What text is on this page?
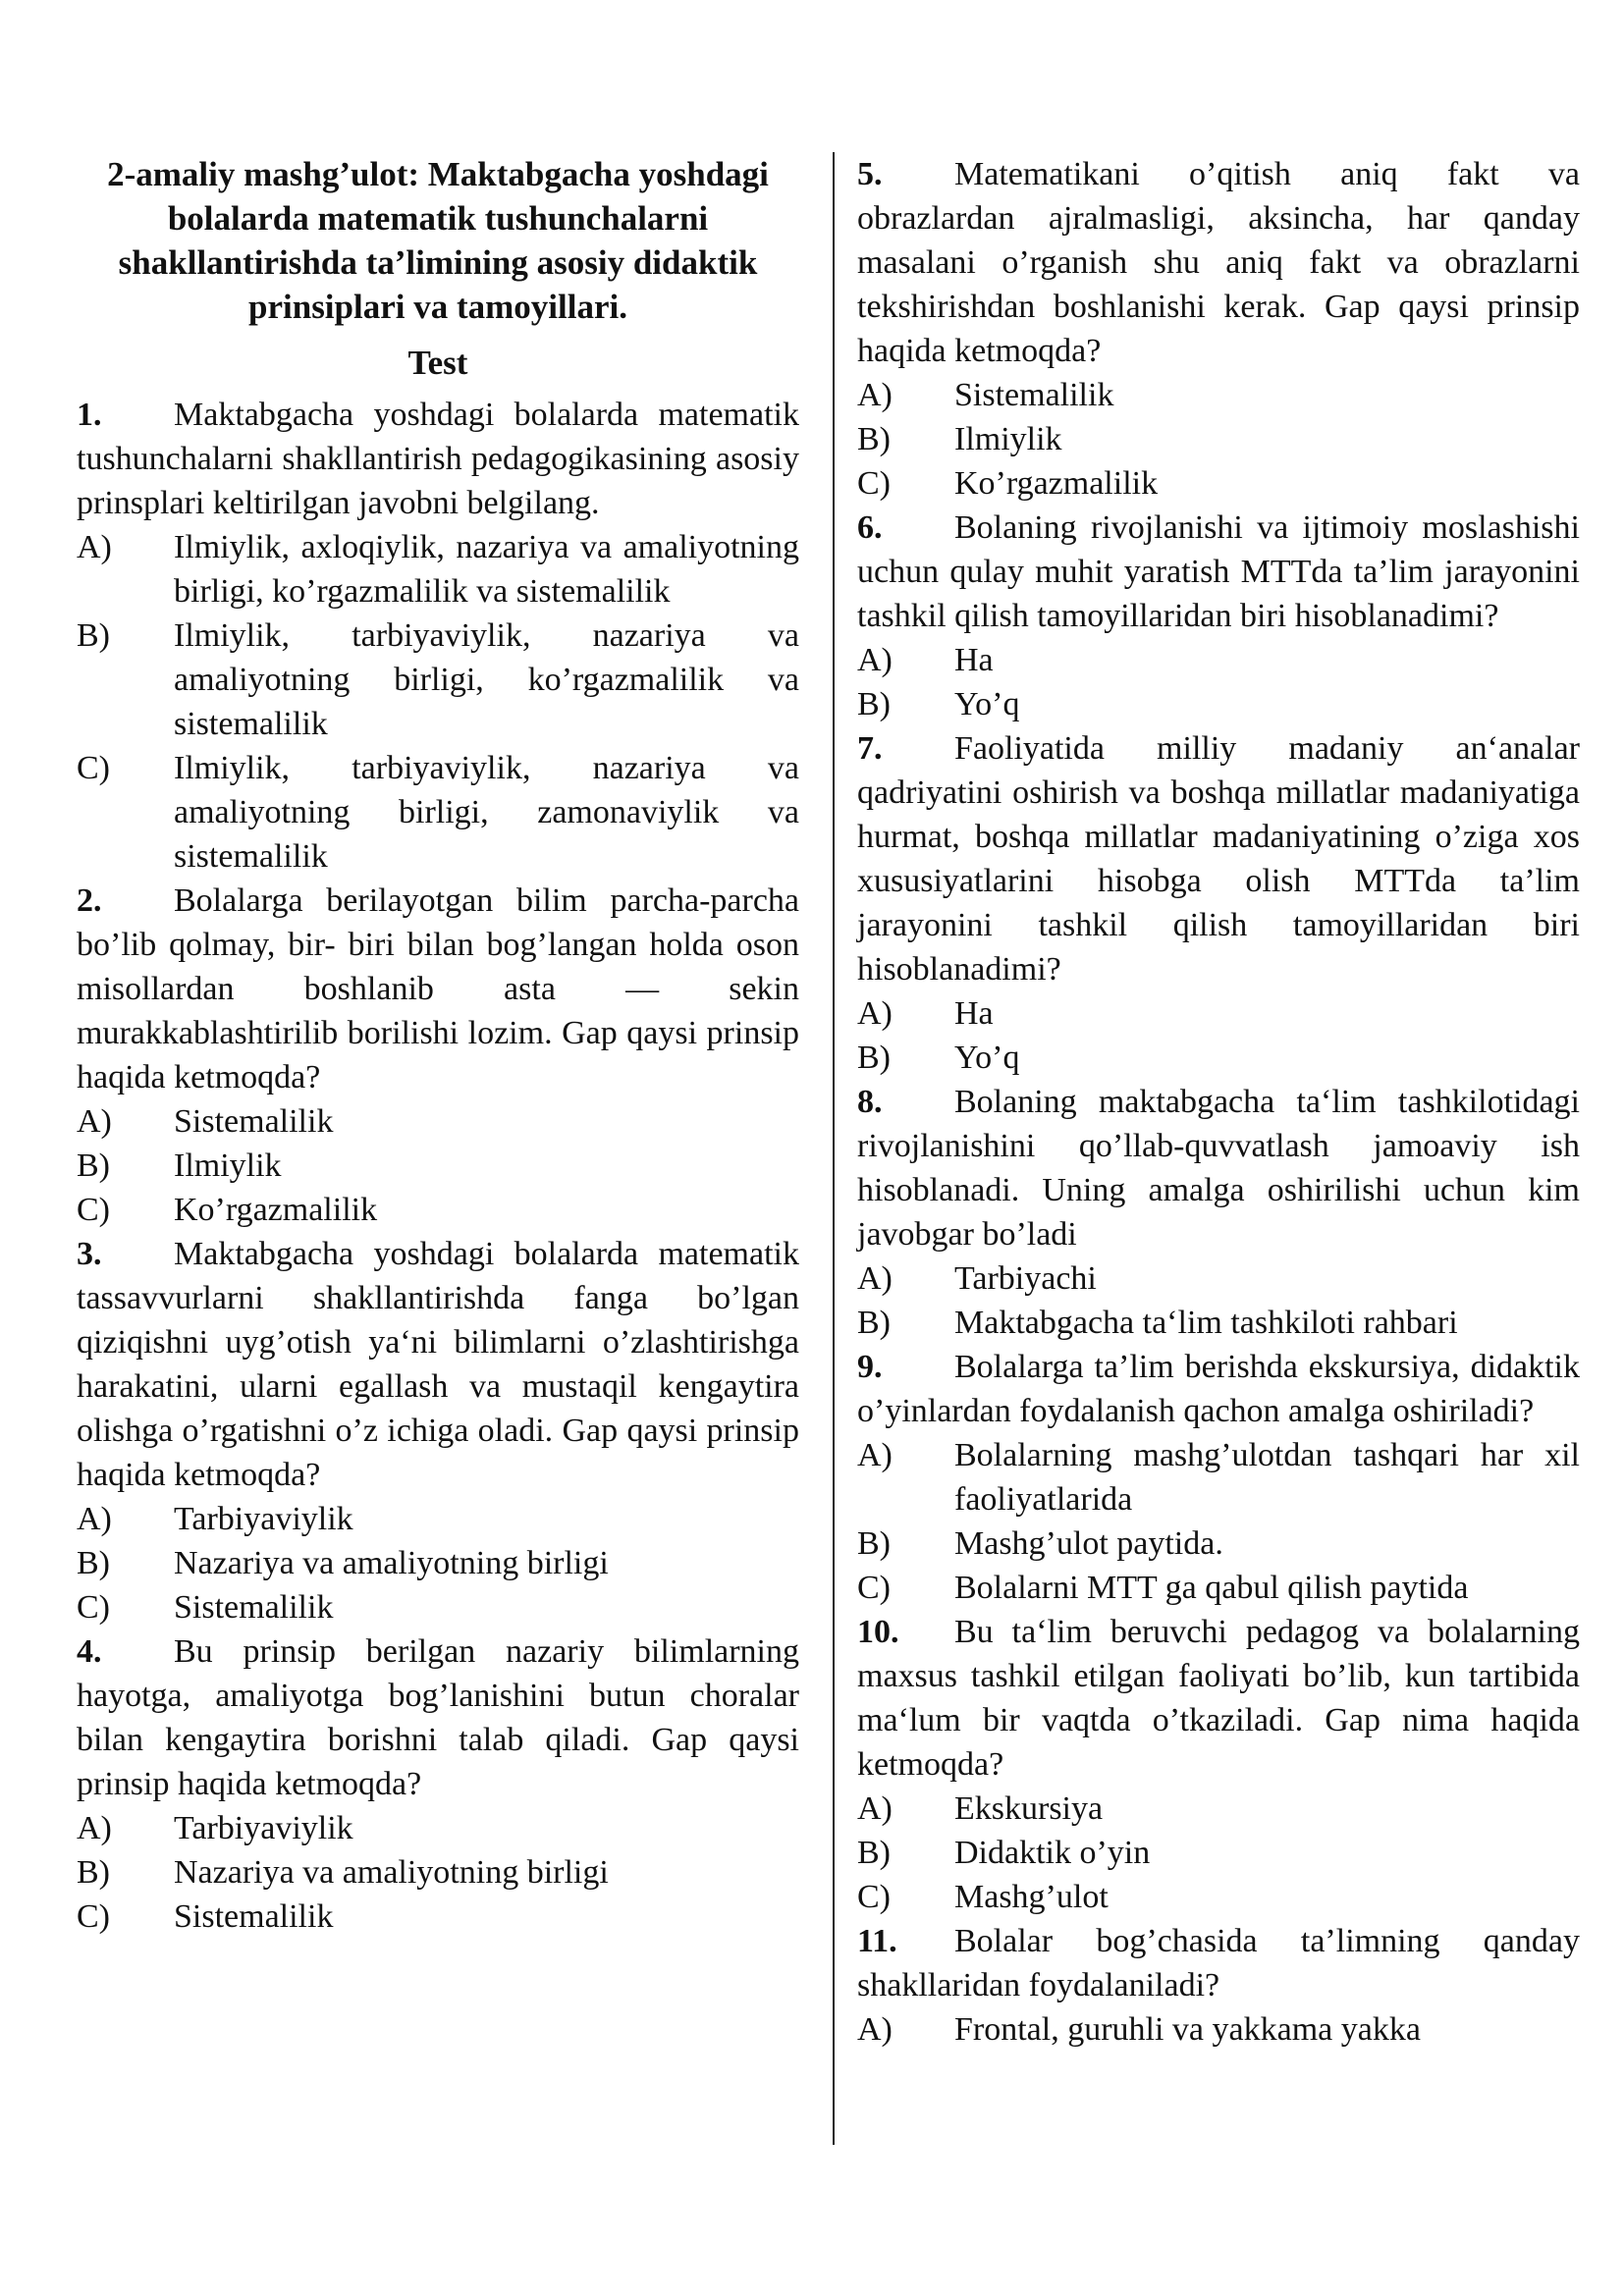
2-amaliy mashg’ulot: Maktabgacha yoshdagi bolalarda matematik tushunchalarni shakllantirishda ta’limining asosiy didaktik prinsiplari va tamoyillari.

Test

1. Maktabgacha yoshdagi bolalarda matematik tushunchalarni shakllantirish pedagogikasining asosiy prinsplari keltirilgan javobni belgilang.

A)	Ilmiylik, axloqiylik, nazariya va amaliyotning birligi, ko’rgazmalilik va sistemalilik
B)	Ilmiylik, tarbiyaviylik, nazariya va amaliyotning birligi, ko’rgazmalilik va sistemalilik
C)	Ilmiylik, tarbiyaviylik, nazariya va amaliyotning birligi, zamonaviylik va sistemalilik

2. Bolalarga berilayotgan bilim parcha-parcha bo’lib qolmay, bir- biri bilan bog’langan holda oson misollardan boshlanib asta — sekin murakkablashtirilib borilishi lozim. Gap qaysi prinsip haqida ketmoqda?

A)	Sistemalilik
B)	Ilmiylik
C)	Ko’rgazmalilik

3. Maktabgacha yoshdagi bolalarda matematik tassavvurlarni shakllantirishda fanga bo’lgan qiziqishni uyg’otish ya‘ni bilimlarni o’zlashtirishga harakatini, ularni egallash va mustaqil kengaytira olishga o’rgatishni o’z ichiga oladi. Gap qaysi prinsip haqida ketmoqda?

A)	Tarbiyaviylik
B)	Nazariya va amaliyotning birligi
C)	Sistemalilik

4. Bu prinsip berilgan nazariy bilimlarning hayotga, amaliyotga bog’lanishini butun choralar bilan kengaytira borishni talab qiladi. Gap qaysi prinsip haqida ketmoqda?

A)	Tarbiyaviylik
B)	Nazariya va amaliyotning birligi
C)	Sistemalilik

5. Matematikani o’qitish aniq fakt va obrazlardan ajralmasligi, aksincha, har qanday masalani o’rganish shu aniq fakt va obrazlarni tekshirishdan boshlanishi kerak. Gap qaysi prinsip haqida ketmoqda?

A)	Sistemalilik
B)	Ilmiylik
C)	Ko’rgazmalilik

6. Bolaning rivojlanishi va ijtimoiy moslashishi uchun qulay muhit yaratish MTTda ta’lim jarayonini tashkil qilish tamoyillaridan biri hisoblanadimi?

A)	Ha
B)	Yo’q

7. Faoliyatida milliy madaniy an‘analar qadriyatini oshirish va boshqa millatlar madaniyatiga hurmat, boshqa millatlar madaniyatining o’ziga xos xususiyatlarini hisobga olish MTTda ta’lim jarayonini tashkil qilish tamoyillaridan biri hisoblanadimi?

A)	Ha
B)	Yo’q

8. Bolaning maktabgacha ta‘lim tashkilotidagi rivojlanishini qo’llab-quvvatlash jamoaviy ish hisoblanadi. Uning amalga oshirilishi uchun kim javobgar bo’ladi

A)	Tarbiyachi
B)	Maktabgacha ta‘lim tashkiloti rahbari

9. Bolalarga ta’lim berishda ekskursiya, didaktik o’yinlardan foydalanish qachon amalga oshiriladi?

A)	Bolalarning mashg’ulotdan tashqari har xil faoliyatlarida
B)	Mashg’ulot paytida.
C)	Bolalarni MTT ga qabul qilish paytida

10. Bu ta‘lim beruvchi pedagog va bolalarning maxsus tashkil etilgan faoliyati bo’lib, kun tartibida ma‘lum bir vaqtda o’tkaziladi. Gap nima haqida ketmoqda?

A)	Ekskursiya
B)	Didaktik o’yin
C)	Mashg’ulot

11. Bolalar bog’chasida ta’limning qanday shakllaridan foydalaniladi?

A)	Frontal, guruhli va yakkama yakka
